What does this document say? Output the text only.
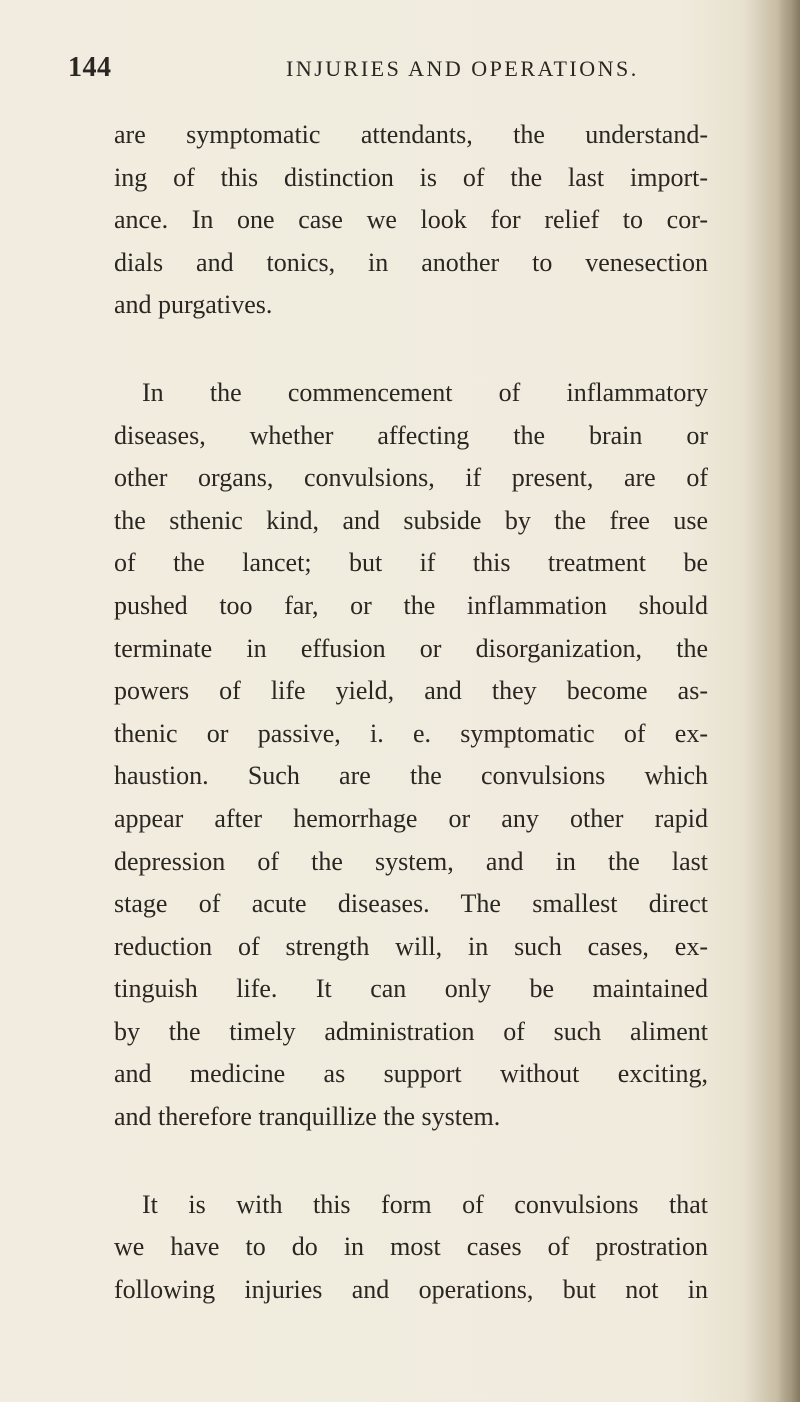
144	INJURIES AND OPERATIONS.

are symptomatic attendants, the understand-
ing of this distinction is of the last import-
ance. In one case we look for relief to cor-
dials and tonics, in another to venesection
and purgatives.

In the commencement of inflammatory
diseases, whether affecting the brain or
other organs, convulsions, if present, are of
the sthenic kind, and subside by the free use
of the lancet; but if this treatment be
pushed too far, or the inflammation should
terminate in effusion or disorganization, the
powers of life yield, and they become as-
thenic or passive, i. e. symptomatic of ex-
haustion. Such are the convulsions which
appear after hemorrhage or any other rapid
depression of the system, and in the last
stage of acute diseases. The smallest direct
reduction of strength will, in such cases, ex-
tinguish life. It can only be maintained
by the timely administration of such aliment
and medicine as support without exciting,
and therefore tranquillize the system.

It is with this form of convulsions that
we have to do in most cases of prostration
following injuries and operations, but not in
